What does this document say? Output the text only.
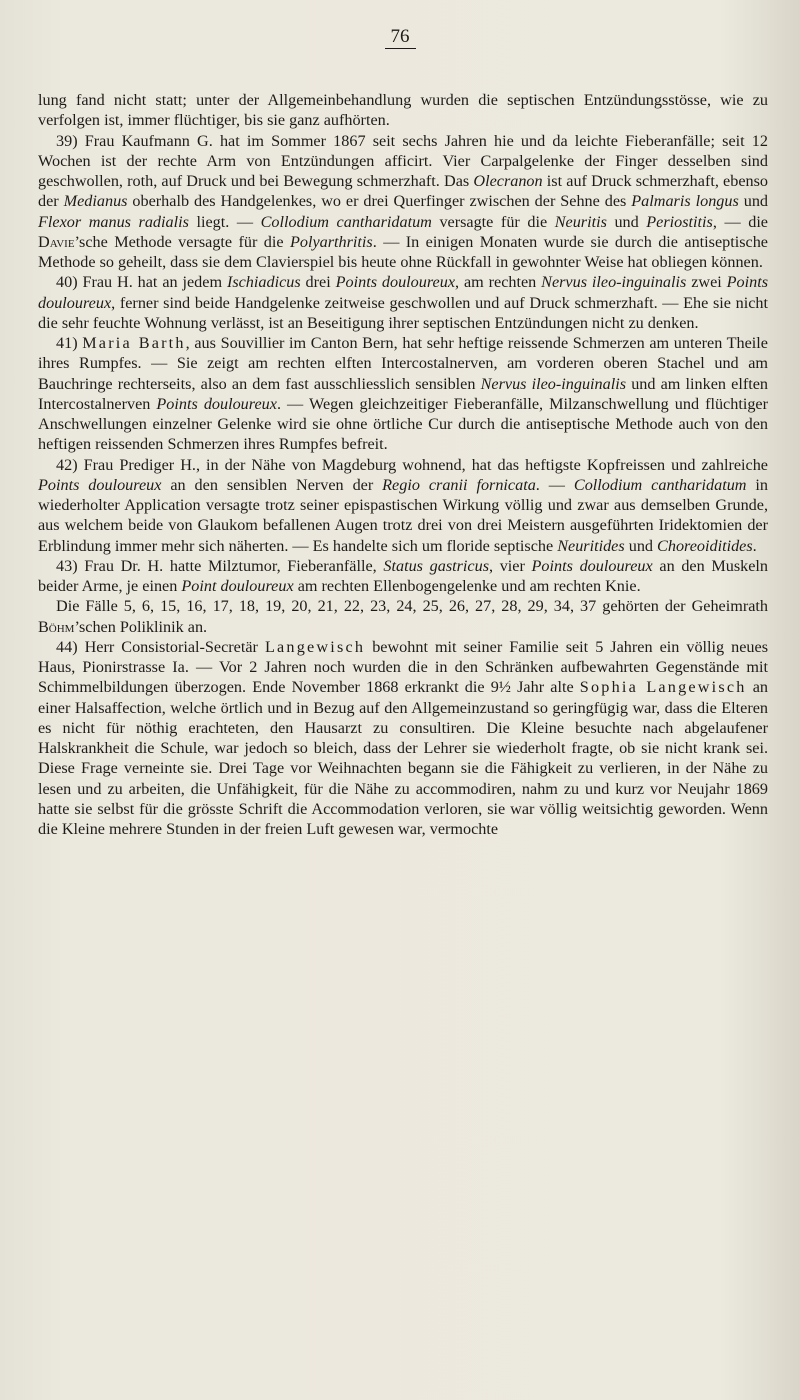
76

lung fand nicht statt; unter der Allgemeinbehandlung wurden die septischen Entzündungsstösse, wie zu verfolgen ist, immer flüchtiger, bis sie ganz aufhörten.

39) Frau Kaufmann G. hat im Sommer 1867 seit sechs Jahren hie und da leichte Fieberanfälle; seit 12 Wochen ist der rechte Arm von Entzündungen afficirt. Vier Carpalgelenke der Finger desselben sind geschwollen, roth, auf Druck und bei Bewegung schmerzhaft. Das Olecranon ist auf Druck schmerzhaft, ebenso der Medianus oberhalb des Handgelenkes, wo er drei Querfinger zwischen der Sehne des Palmaris longus und Flexor manus radialis liegt. — Collodium cantharidatum versagte für die Neuritis und Periostitis, — die Davie’sche Methode versagte für die Polyarthritis. — In einigen Monaten wurde sie durch die antiseptische Methode so geheilt, dass sie dem Clavierspiel bis heute ohne Rückfall in gewohnter Weise hat obliegen können.

40) Frau H. hat an jedem Ischiadicus drei Points douloureux, am rechten Nervus ileo-inguinalis zwei Points douloureux, ferner sind beide Handgelenke zeitweise geschwollen und auf Druck schmerzhaft. — Ehe sie nicht die sehr feuchte Wohnung verlässt, ist an Beseitigung ihrer septischen Entzündungen nicht zu denken.

41) Maria Barth, aus Souvillier im Canton Bern, hat sehr heftige reissende Schmerzen am unteren Theile ihres Rumpfes. — Sie zeigt am rechten elften Intercostalnerven, am vorderen oberen Stachel und am Bauchringe rechterseits, also an dem fast ausschliesslich sensiblen Nervus ileo-inguinalis und am linken elften Intercostalnerven Points douloureux. — Wegen gleichzeitiger Fieberanfälle, Milzanschwellung und flüchtiger Anschwellungen einzelner Gelenke wird sie ohne örtliche Cur durch die antiseptische Methode auch von den heftigen reissenden Schmerzen ihres Rumpfes befreit.

42) Frau Prediger H., in der Nähe von Magdeburg wohnend, hat das heftigste Kopfreissen und zahlreiche Points douloureux an den sensiblen Nerven der Regio cranii fornicata. — Collodium cantharidatum in wiederholter Application versagte trotz seiner epispastischen Wirkung völlig und zwar aus demselben Grunde, aus welchem beide von Glaukom befallenen Augen trotz drei von drei Meistern ausgeführten Iridektomien der Erblindung immer mehr sich näherten. — Es handelte sich um floride septische Neuritides und Choreoiditides.

43) Frau Dr. H. hatte Milztumor, Fieberanfälle, Status gastricus, vier Points douloureux an den Muskeln beider Arme, je einen Point douloureux am rechten Ellenbogengelenke und am rechten Knie.

Die Fälle 5, 6, 15, 16, 17, 18, 19, 20, 21, 22, 23, 24, 25, 26, 27, 28, 29, 34, 37 gehörten der Geheimrath Böhm’schen Poliklinik an.

44) Herr Consistorial-Secretär Langewisch bewohnt mit seiner Familie seit 5 Jahren ein völlig neues Haus, Pionirstrasse Ia. — Vor 2 Jahren noch wurden die in den Schränken aufbewahrten Gegenstände mit Schimmelbildungen überzogen. Ende November 1868 erkrankt die 9½ Jahr alte Sophia Langewisch an einer Halsaffection, welche örtlich und in Bezug auf den Allgemeinzustand so geringfügig war, dass die Elteren es nicht für nöthig erachteten, den Hausarzt zu consultiren. Die Kleine besuchte nach abgelaufener Halskrankheit die Schule, war jedoch so bleich, dass der Lehrer sie wiederholt fragte, ob sie nicht krank sei. Diese Frage verneinte sie. Drei Tage vor Weihnachten begann sie die Fähigkeit zu verlieren, in der Nähe zu lesen und zu arbeiten, die Unfähigkeit, für die Nähe zu accommodiren, nahm zu und kurz vor Neujahr 1869 hatte sie selbst für die grösste Schrift die Accommodation verloren, sie war völlig weitsichtig geworden. Wenn die Kleine mehrere Stunden in der freien Luft gewesen war, vermochte
